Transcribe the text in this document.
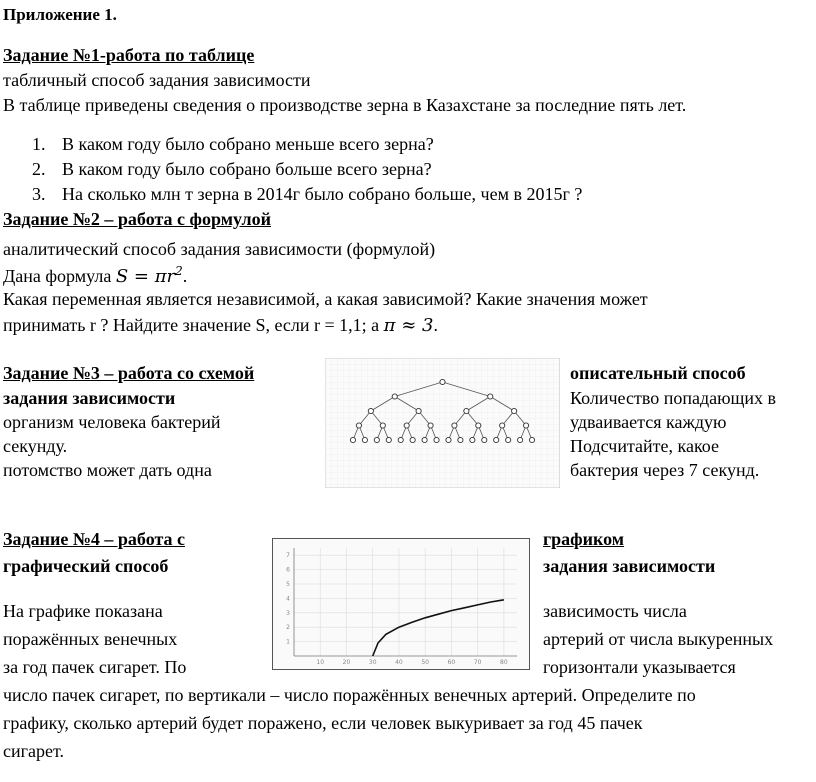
Приложение 1.
Задание №1-работа по таблице
табличный способ задания зависимости
В таблице приведены сведения о производстве зерна в Казахстане за последние пять лет.
1. В каком году было собрано меньше всего зерна?
2. В каком году было собрано больше всего зерна?
3. На сколько млн т зерна в 2014г было собрано больше, чем в 2015г ?
Задание №2 – работа с формулой
аналитический способ задания зависимости (формулой)
Дана формула $S = \pi r^2$.
Какая переменная является независимой, а какая зависимой? Какие значения может
принимать r ? Найдите значение S, если r = 1,1; а π ≈ 3.
Задание №3 – работа со схемой	описательный способ
задания зависимости
организм человека бактерий
секунду.
потомство может дать одна
Количество попадающих в
удваивается каждую
Подсчитайте, какое
бактерия через 7 секунд.
Задание №4 – работа с	графиком
графический способ	задания зависимости
На графике показана
поражённых венечных
за год пачек сигарет. По
зависимость числа
артерий от числа выкуренных
горизонтали указывается
число пачек сигарет, по вертикали – число поражённых венечных артерий. Определите по
графику, сколько артерий будет поражено, если человек выкуривает за год 45 пачек
сигарет.
10	20	30	40	50	60	70	80
1
2
3
4
5
6
7
